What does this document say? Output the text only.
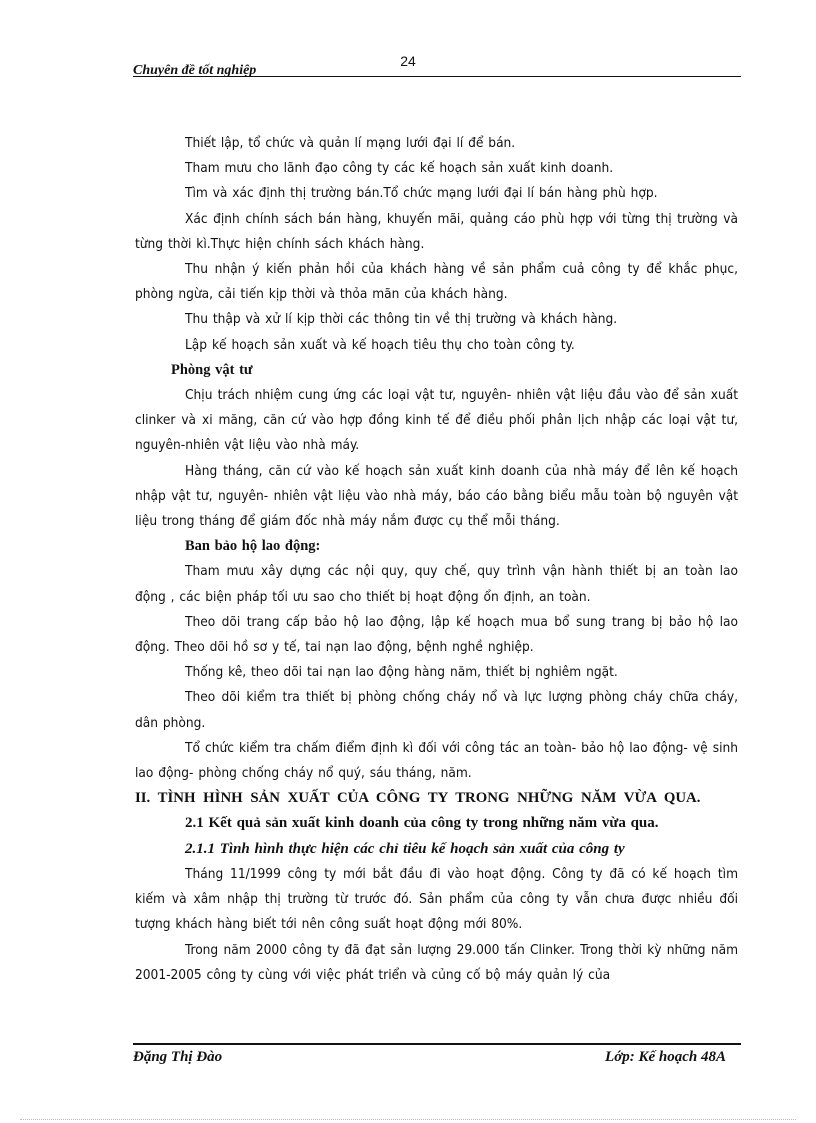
24
Chuyên đề tốt nghiệp

Thiết lập, tổ chức và quản lí mạng lưới đại lí để bán.

Tham mưu cho lãnh đạo công ty các kế hoạch sản xuất kinh doanh.

Tìm và xác định thị trường bán.Tổ chức mạng lưới đại lí bán hàng phù hợp.

Xác định chính sách bán hàng, khuyến mãi, quảng cáo phù hợp với từng thị trường và từng thời kì.Thực hiện chính sách khách hàng.

Thu nhận ý kiến phản hồi của khách hàng về sản phẩm cuả công ty để khắc phục, phòng ngừa, cải tiến kịp thời và thỏa mãn của khách hàng.

Thu thập và xử lí kịp thời các thông tin về thị trường và khách hàng.

Lập kế hoạch sản xuất và kế hoạch tiêu thụ cho toàn công ty.

Phòng vật tư

Chịu trách nhiệm cung ứng các loại vật tư, nguyên- nhiên vật liệu đầu vào để sản xuất clinker và xi măng, căn cứ vào hợp đồng kinh tế để điều phối phân lịch nhập các loại vật tư, nguyên-nhiên vật liệu vào nhà máy.

Hàng tháng, căn cứ vào kế hoạch sản xuất kinh doanh của nhà máy để lên kế hoạch nhập vật tư, nguyên- nhiên vật liệu vào nhà máy, báo cáo bằng biểu mẫu toàn bộ nguyên vật liệu trong tháng để giám đốc nhà máy nắm được cụ thể mỗi tháng.

Ban bảo hộ lao động:

Tham mưu xây dựng các nội quy, quy chế, quy trình vận hành thiết bị an toàn lao động , các biện pháp tối ưu sao cho thiết bị hoạt động ổn định, an toàn.

Theo dõi trang cấp bảo hộ lao động, lập kế hoạch mua bổ sung trang bị bảo hộ lao động. Theo dõi hồ sơ y tế, tai nạn lao động, bệnh nghề nghiệp.

Thống kê, theo dõi tai nạn lao động hàng năm, thiết bị nghiêm ngặt.

Theo dõi kiểm tra thiết bị phòng chống cháy nổ và lực lượng phòng cháy chữa cháy, dân phòng.

Tổ chức kiểm tra chấm điểm định kì đối với công tác an toàn- bảo hộ lao động- vệ sinh lao động- phòng chống cháy nổ quý, sáu tháng, năm.

II. TÌNH HÌNH SẢN XUẤT CỦA CÔNG TY TRONG NHỮNG NĂM VỪA QUA.

2.1 Kết quả sản xuất kinh doanh của công ty trong những năm vừa qua.

2.1.1 Tình hình thực hiện các chỉ tiêu kế hoạch sản xuất của công ty

Tháng 11/1999 công ty mới bắt đầu đi vào hoạt động. Công ty đã có kế hoạch tìm kiếm và xâm nhập thị trường từ trước đó. Sản phẩm của công ty vẫn chưa được nhiều đối tượng khách hàng biết tới nên công suất hoạt động mới 80%.

Trong năm 2000 công ty đã đạt sản lượng 29.000 tấn Clinker. Trong thời kỳ những năm 2001-2005 công ty cùng với việc phát triển và củng cố bộ máy quản lý của

Đặng Thị Đào	Lớp: Kế hoạch 48A
